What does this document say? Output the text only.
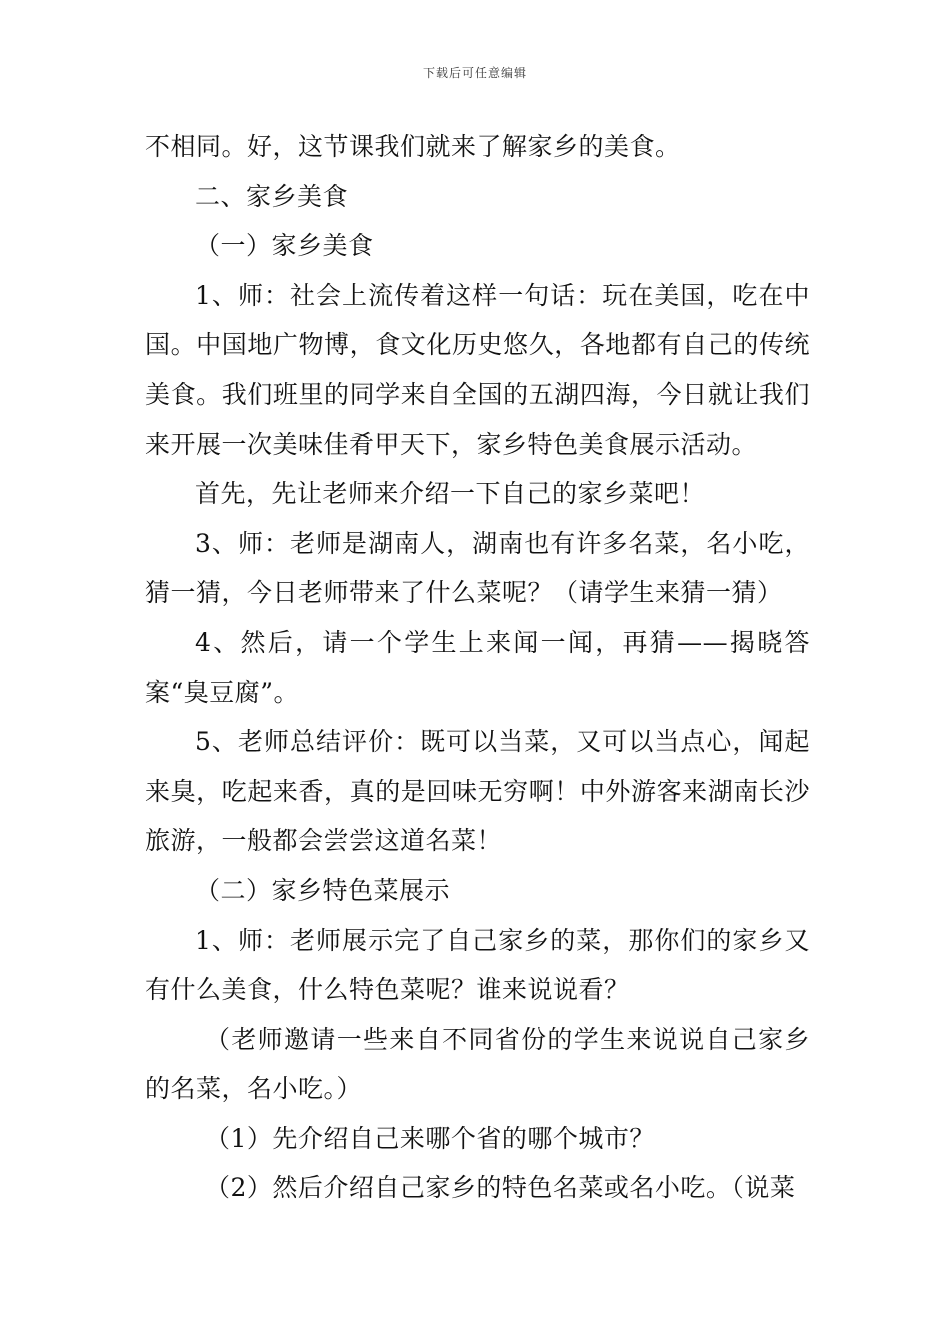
下载后可任意编辑

不相同。好，这节课我们就来了解家乡的美食。

二、家乡美食

（一）家乡美食

1、师：社会上流传着这样一句话：玩在美国，吃在中国。中国地广物博，食文化历史悠久，各地都有自己的传统美食。我们班里的同学来自全国的五湖四海，今日就让我们来开展一次美味佳肴甲天下，家乡特色美食展示活动。

首先，先让老师来介绍一下自己的家乡菜吧！

3、师：老师是湖南人，湖南也有许多名菜，名小吃，猜一猜，今日老师带来了什么菜呢？（请学生来猜一猜）

4、然后，请一个学生上来闻一闻，再猜——揭晓答案“臭豆腐”。

5、老师总结评价：既可以当菜，又可以当点心，闻起来臭，吃起来香，真的是回味无穷啊！中外游客来湖南长沙旅游，一般都会尝尝这道名菜！

（二）家乡特色菜展示

1、师：老师展示完了自己家乡的菜，那你们的家乡又有什么美食，什么特色菜呢？谁来说说看？

（老师邀请一些来自不同省份的学生来说说自己家乡的名菜，名小吃。）

（1）先介绍自己来哪个省的哪个城市？

（2）然后介绍自己家乡的特色名菜或名小吃。（说菜
